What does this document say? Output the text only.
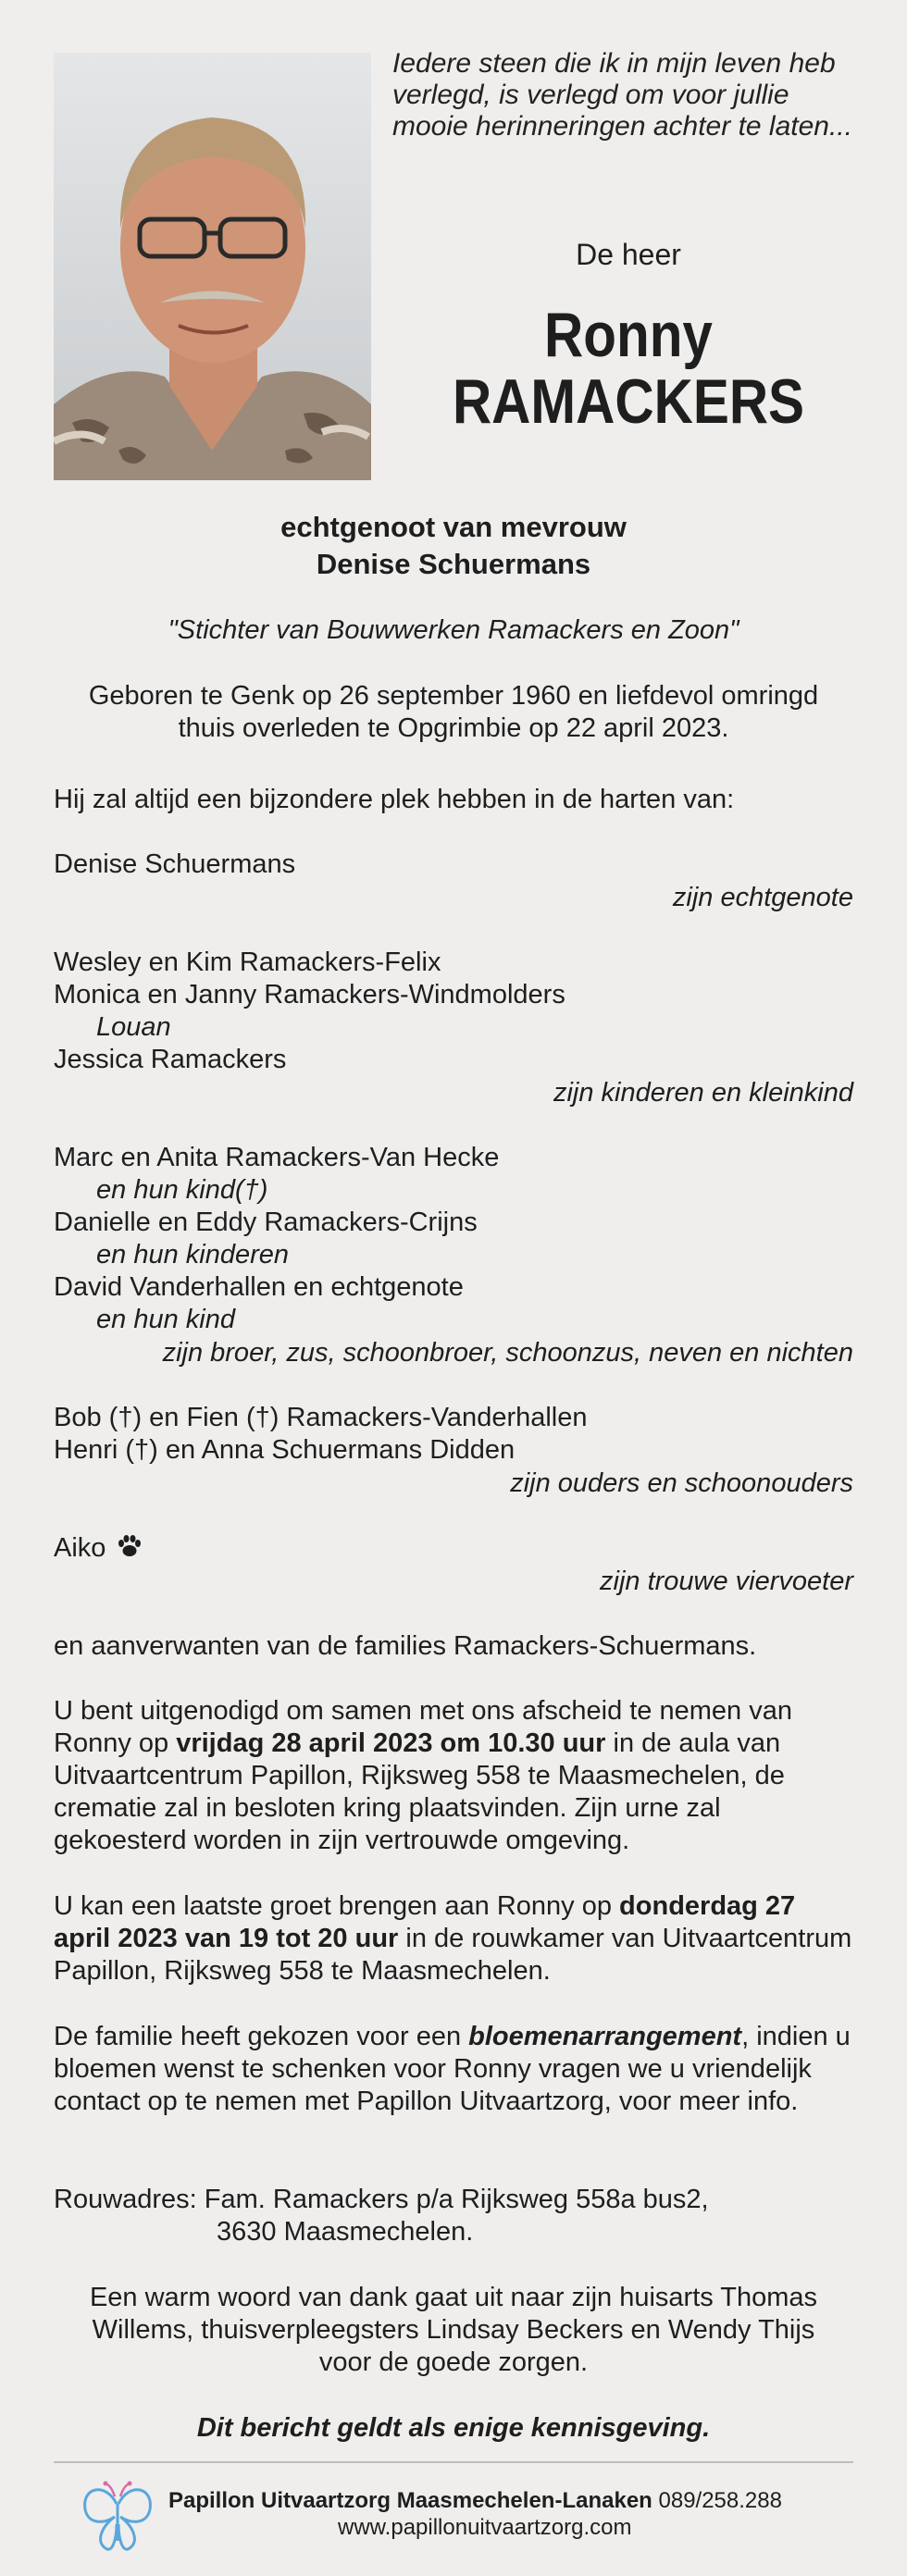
Iedere steen die ik in mijn leven heb verlegd, is verlegd om voor jullie mooie herinneringen achter te laten...
De heer
Ronny
RAMACKERS
echtgenoot van mevrouw
Denise Schuermans
"Stichter van Bouwwerken Ramackers en Zoon"
Geboren te Genk op 26 september 1960 en liefdevol omringd
thuis overleden te Opgrimbie op 22 april 2023.
Hij zal altijd een bijzondere plek hebben in de harten van:
Denise Schuermans
zijn echtgenote
Wesley en Kim Ramackers-Felix
Monica en Janny Ramackers-Windmolders
Louan
Jessica Ramackers
zijn kinderen en kleinkind
Marc en Anita Ramackers-Van Hecke
en hun kind(†)
Danielle en Eddy Ramackers-Crijns
en hun kinderen
David Vanderhallen en echtgenote
en hun kind
zijn broer, zus, schoonbroer, schoonzus, neven en nichten
Bob (†) en Fien (†) Ramackers-Vanderhallen
Henri (†) en Anna Schuermans Didden
zijn ouders en schoonouders
Aiko
zijn trouwe viervoeter
en aanverwanten van de families Ramackers-Schuermans.
U bent uitgenodigd om samen met ons afscheid te nemen van Ronny op vrijdag 28 april 2023 om 10.30 uur in de aula van Uitvaartcentrum Papillon, Rijksweg 558 te Maasmechelen, de crematie zal in besloten kring plaatsvinden. Zijn urne zal gekoesterd worden in zijn vertrouwde omgeving.
U kan een laatste groet brengen aan Ronny op donderdag 27 april 2023 van 19 tot 20 uur in de rouwkamer van Uitvaartcentrum Papillon, Rijksweg 558 te Maasmechelen.
De familie heeft gekozen voor een bloemenarrangement, indien u bloemen wenst te schenken voor Ronny vragen we u vriendelijk contact op te nemen met Papillon Uitvaartzorg, voor meer info.
Rouwadres: Fam. Ramackers p/a Rijksweg 558a bus2,
3630 Maasmechelen.
Een warm woord van dank gaat uit naar zijn huisarts Thomas
Willems, thuisverpleegsters Lindsay Beckers en Wendy Thijs
voor de goede zorgen.
Dit bericht geldt als enige kennisgeving.
Papillon Uitvaartzorg Maasmechelen-Lanaken 089/258.288
www.papillonuitvaartzorg.com
